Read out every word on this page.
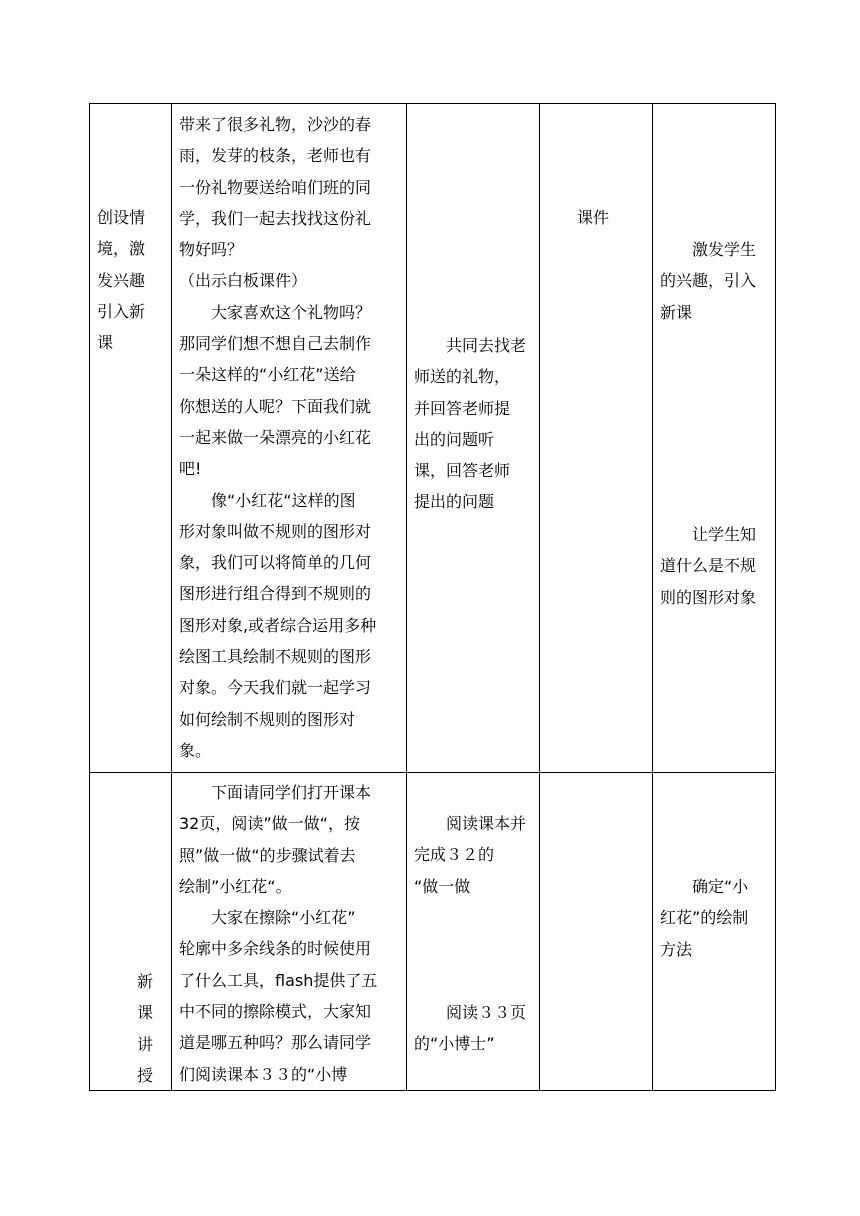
创设情
境，激
发兴趣
引入新
课
带来了很多礼物，沙沙的春
雨，发芽的枝条，老师也有
一份礼物要送给咱们班的同
学，我们一起去找找这份礼
物好吗？
（出示白板课件）
　　大家喜欢这个礼物吗？
那同学们想不想自己去制作
一朵这样的“小红花”送给
你想送的人呢？下面我们就
一起来做一朵漂亮的小红花
吧!
　　像“小红花“这样的图
形对象叫做不规则的图形对
象，我们可以将简单的几何
图形进行组合得到不规则的
图形对象,或者综合运用多种
绘图工具绘制不规则的图形
对象。今天我们就一起学习
如何绘制不规则的图形对
象。
　　共同去找老
师送的礼物，
并回答老师提
出的问题听
课，回答老师
提出的问题
课件
　　激发学生
的兴趣，引入
新课
　　让学生知
道什么是不规
则的图形对象
新
课
讲
授
　　下面请同学们打开课本
32页，阅读”做一做“，按
照”做一做“的步骤试着去
绘制”小红花“。
　　大家在擦除“小红花”
轮廓中多余线条的时候使用
了什么工具，flash提供了五
中不同的擦除模式，大家知
道是哪五种吗？那么请同学
们阅读课本３３的“小博
　　阅读课本并
完成３２的
“做一做
　　阅读３３页
的“小博士”
　　确定“小
红花”的绘制
方法
